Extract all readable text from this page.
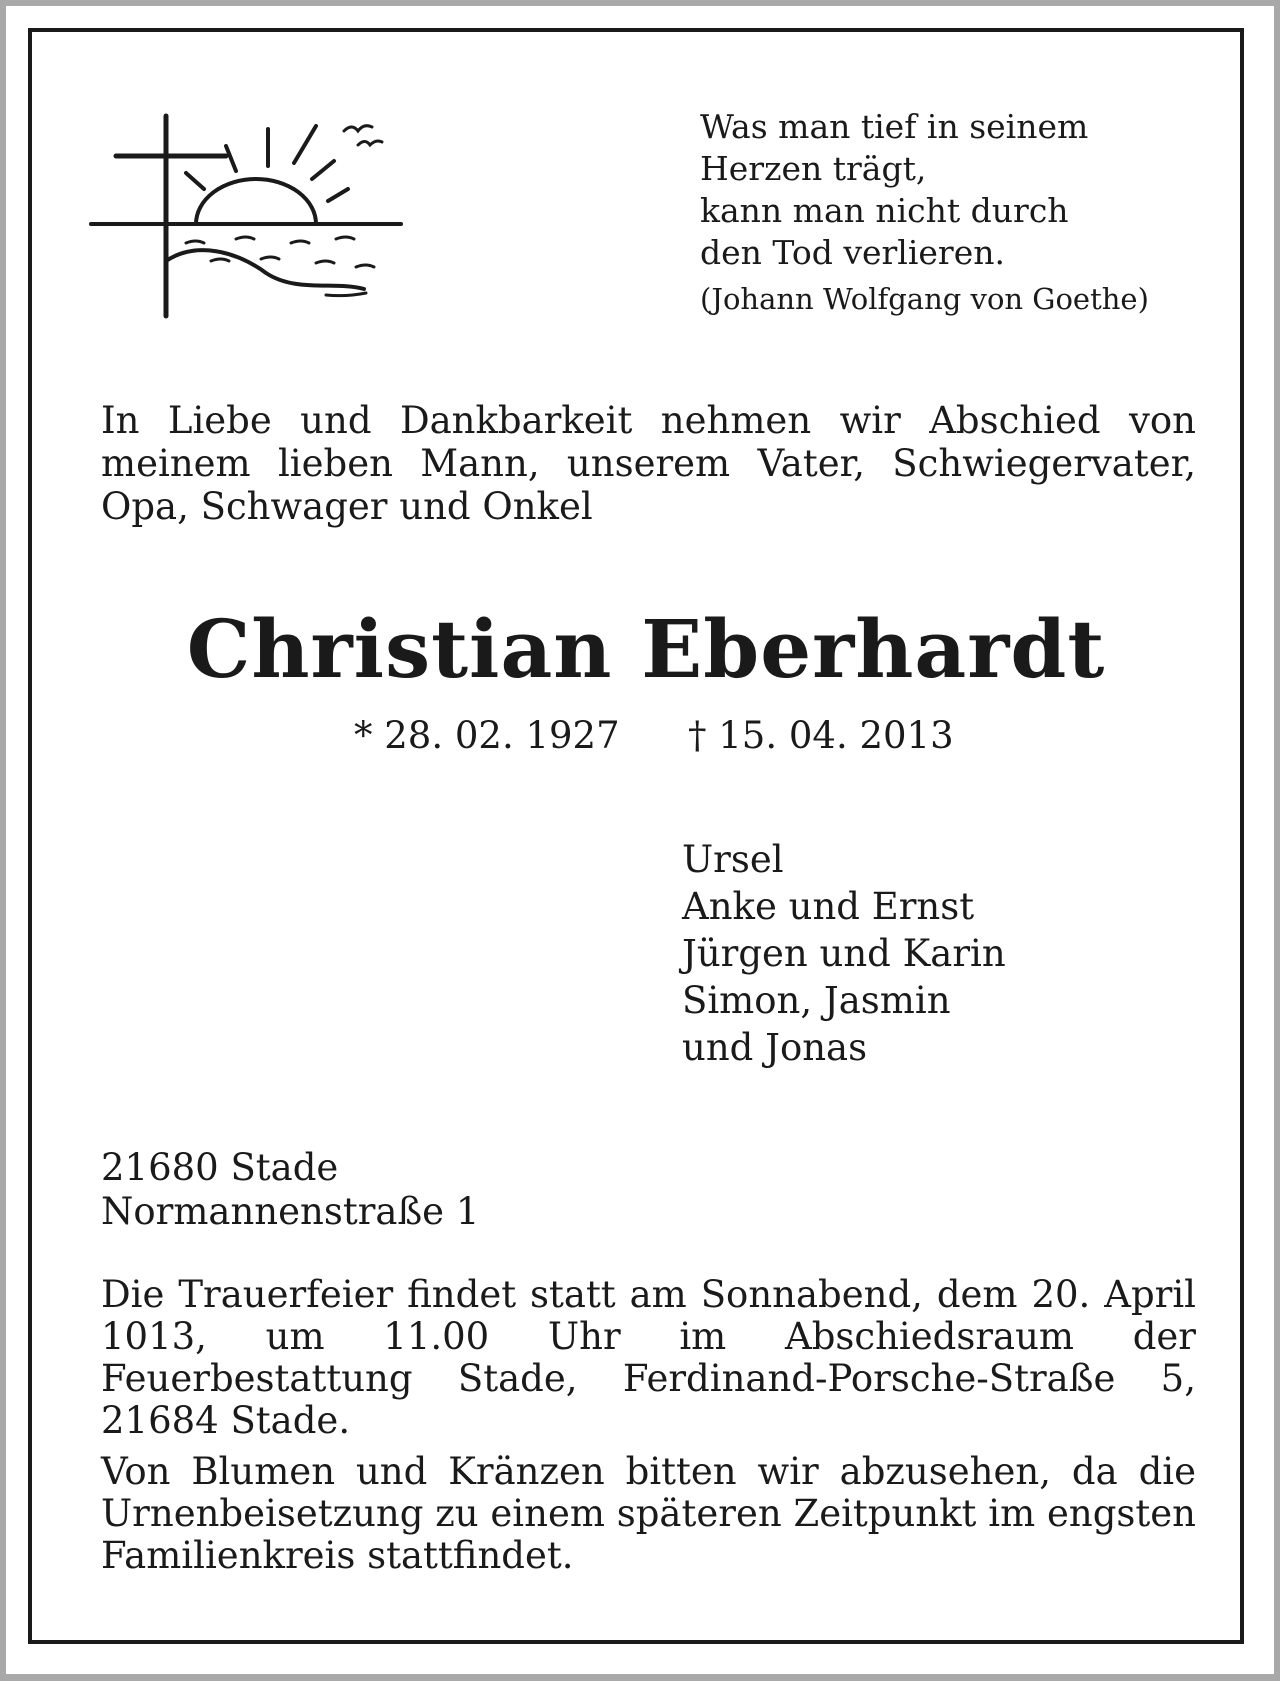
Was man tief in seinem
Herzen trägt,
kann man nicht durch
den Tod verlieren.
(Johann Wolfgang von Goethe)
In Liebe und Dankbarkeit nehmen wir Abschied von meinem lieben Mann, unserem Vater, Schwiegervater, Opa, Schwager und Onkel
Christian Eberhardt
* 28. 02. 1927 † 15. 04. 2013
Ursel
Anke und Ernst
Jürgen und Karin
Simon, Jasmin
und Jonas
21680 Stade
Normannenstraße 1
Die Trauerfeier findet statt am Sonnabend, dem 20. April 1013, um 11.00 Uhr im Abschiedsraum der Feuerbestattung Stade, Ferdinand-Porsche-Straße 5, 21684 Stade.
Von Blumen und Kränzen bitten wir abzusehen, da die Urnenbeisetzung zu einem späteren Zeitpunkt im engsten Familienkreis stattfindet.
